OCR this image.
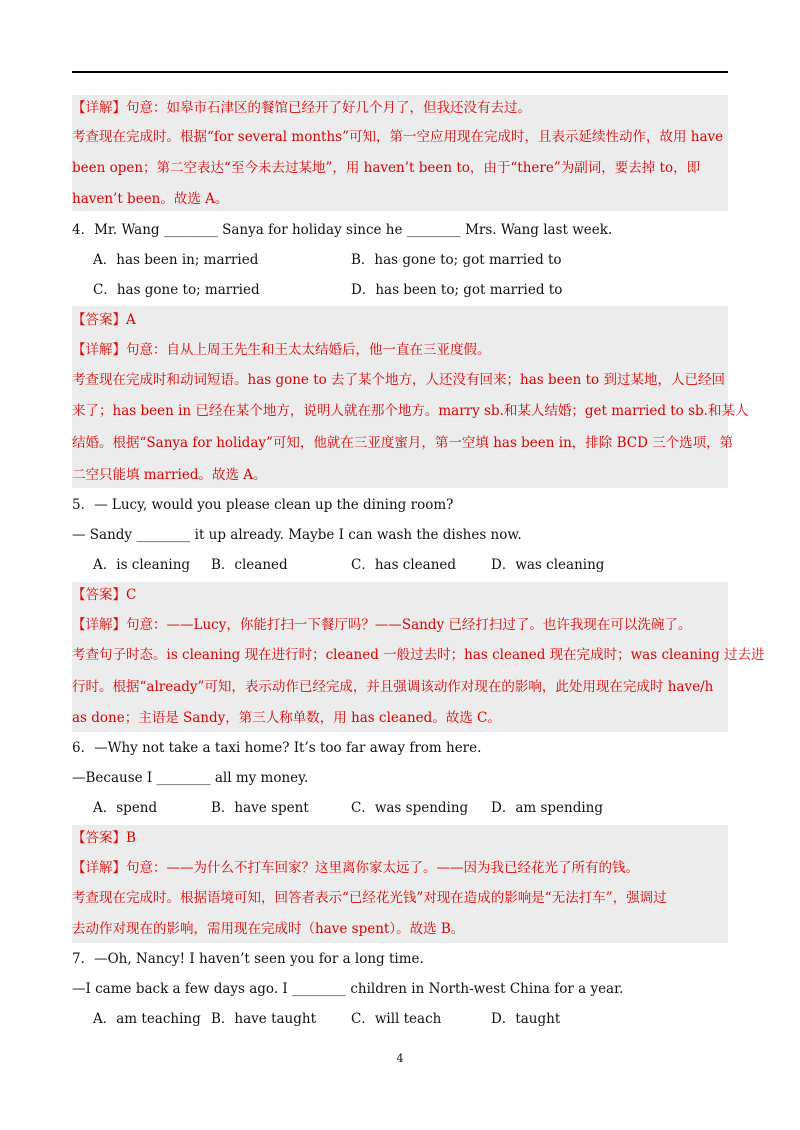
【详解】句意：如皋市石津区的餐馆已经开了好几个月了，但我还没有去过。
考查现在完成时。根据“for several months”可知，第一空应用现在完成时，且表示延续性动作，故用 have
been open；第二空表达“至今未去过某地”，用 haven’t been to，由于“there”为副词，要去掉 to，即
haven’t been。故选 A。
4．Mr. Wang ________ Sanya for holiday since he ________ Mrs. Wang last week.
A．has been in; married	B．has gone to; got married to
C．has gone to; married	D．has been to; got married to
【答案】A
【详解】句意：自从上周王先生和王太太结婚后，他一直在三亚度假。
考查现在完成时和动词短语。has gone to 去了某个地方，人还没有回来；has been to 到过某地，人已经回
来了；has been in 已经在某个地方，说明人就在那个地方。marry sb.和某人结婚；get married to sb.和某人
结婚。根据“Sanya for holiday”可知，他就在三亚度蜜月，第一空填 has been in，排除 BCD 三个选项，第
二空只能填 married。故选 A。
5．— Lucy, would you please clean up the dining room?
— Sandy ________ it up already. Maybe I can wash the dishes now.
A．is cleaning B．cleaned	C．has cleaned	D．was cleaning
【答案】C
【详解】句意：——Lucy，你能打扫一下餐厅吗？——Sandy 已经打扫过了。也许我现在可以洗碗了。
考查句子时态。is cleaning 现在进行时；cleaned 一般过去时；has cleaned 现在完成时；was cleaning 过去进
行时。根据“already”可知，表示动作已经完成，并且强调该动作对现在的影响，此处用现在完成时 have/h
as done；主语是 Sandy，第三人称单数，用 has cleaned。故选 C。
6．—Why not take a taxi home? It’s too far away from here.
—Because I ________ all my money.
A．spend	B．have spent	C．was spending D．am spending
【答案】B
【详解】句意：——为什么不打车回家？这里离你家太远了。——因为我已经花光了所有的钱。
考查现在完成时。根据语境可知，回答者表示“已经花光钱”对现在造成的影响是“无法打车”，强调过
去动作对现在的影响，需用现在完成时（have spent）。故选 B。
7．—Oh, Nancy! I haven’t seen you for a long time.
—I came back a few days ago. I ________ children in North-west China for a year.
A．am teaching B．have taught	C．will teach	D．taught
4
